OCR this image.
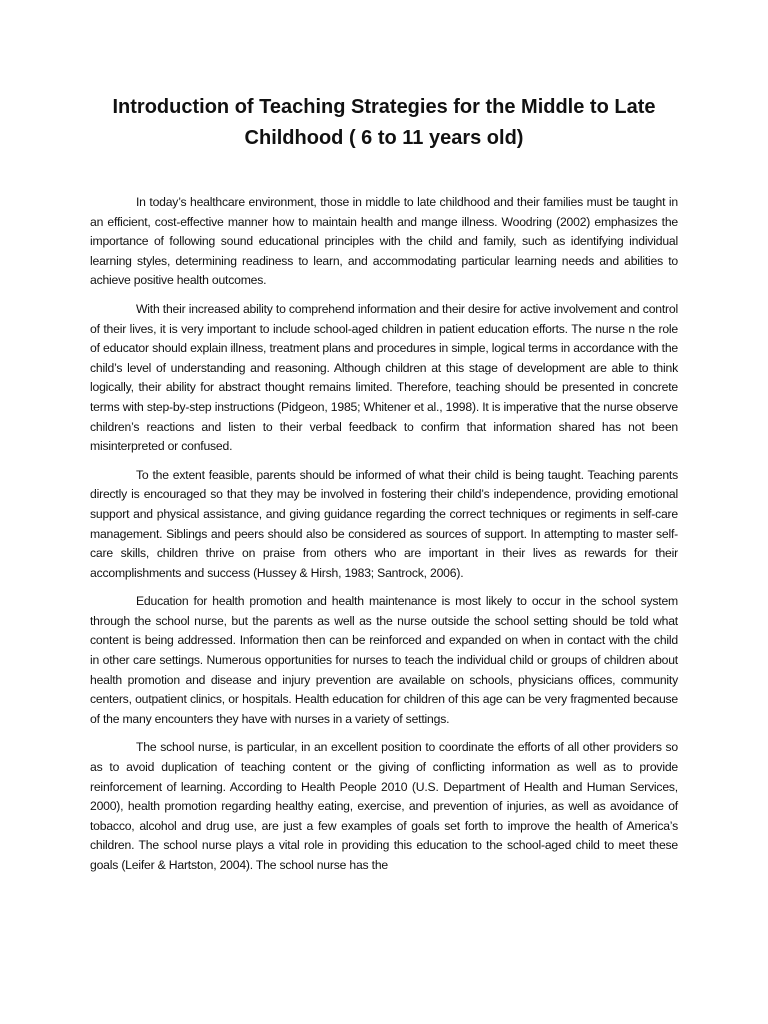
Introduction of Teaching Strategies for the Middle to Late
Childhood ( 6 to 11 years old)

In today’s healthcare environment, those in middle to late childhood and their families must be taught in an efficient, cost-effective manner how to maintain health and mange illness. Woodring (2002) emphasizes the importance of following sound educational principles with the child and family, such as identifying individual learning styles, determining readiness to learn, and accommodating particular learning needs and abilities to achieve positive health outcomes.

With their increased ability to comprehend information and their desire for active involvement and control of their lives, it is very important to include school-aged children in patient education efforts. The nurse n the role of educator should explain illness, treatment plans and procedures in simple, logical terms in accordance with the child’s level of understanding and reasoning. Although children at this stage of development are able to think logically, their ability for abstract thought remains limited. Therefore, teaching should be presented in concrete terms with step-by-step instructions (Pidgeon, 1985; Whitener et al., 1998). It is imperative that the nurse observe children’s reactions and listen to their verbal feedback to confirm that information shared has not been misinterpreted or confused.

To the extent feasible, parents should be informed of what their child is being taught. Teaching parents directly is encouraged so that they may be involved in fostering their child’s independence, providing emotional support and physical assistance, and giving guidance regarding the correct techniques or regiments in self-care management. Siblings and peers should also be considered as sources of support. In attempting to master self-care skills, children thrive on praise from others who are important in their lives as rewards for their accomplishments and success (Hussey & Hirsh, 1983; Santrock, 2006).

Education for health promotion and health maintenance is most likely to occur in the school system through the school nurse, but the parents as well as the nurse outside the school setting should be told what content is being addressed. Information then can be reinforced and expanded on when in contact with the child in other care settings. Numerous opportunities for nurses to teach the individual child or groups of children about health promotion and disease and injury prevention are available on schools, physicians offices, community centers, outpatient clinics, or hospitals. Health education for children of this age can be very fragmented because of the many encounters they have with nurses in a variety of settings.

The school nurse, is particular, in an excellent position to coordinate the efforts of all other providers so as to avoid duplication of teaching content or the giving of conflicting information as well as to provide reinforcement of learning. According to Health People 2010 (U.S. Department of Health and Human Services, 2000), health promotion regarding healthy eating, exercise, and prevention of injuries, as well as avoidance of tobacco, alcohol and drug use, are just a few examples of goals set forth to improve the health of America’s children. The school nurse plays a vital role in providing this education to the school-aged child to meet these goals (Leifer & Hartston, 2004). The school nurse has the
